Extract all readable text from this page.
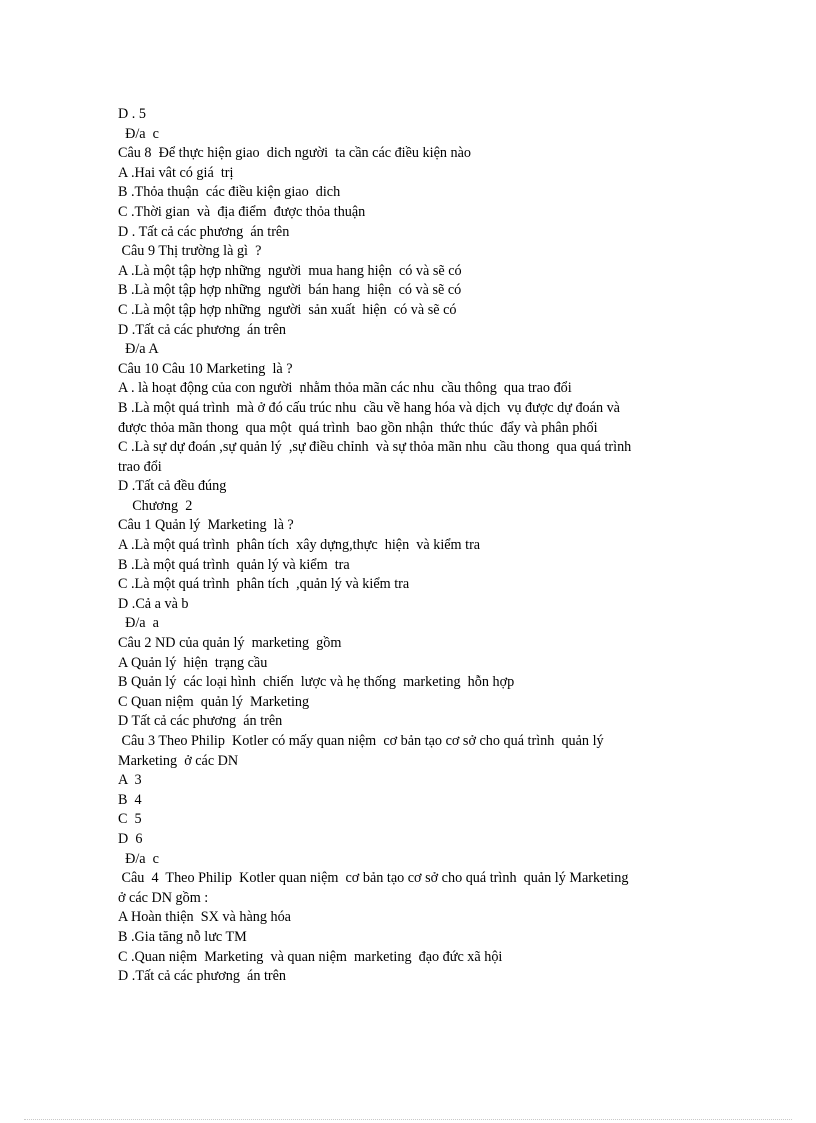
D . 5
Đ/a  c
Câu 8  Để thực hiện giao  dich người  ta cần các điều kiện nào
A .Hai vât có giá  trị
B .Thỏa thuận  các điều kiện giao  dich
C .Thời gian  và  địa điểm  được thỏa thuận
D . Tất cả các phương  án trên
Câu 9 Thị trường là gì  ?
A .Là một tập hợp những  người  mua hang hiện  có và sẽ có
B .Là một tập hợp những  người  bán hang  hiện  có và sẽ có
C .Là một tập hợp những  người  sản xuất  hiện  có và sẽ có
D .Tất cả các phương  án trên
Đ/a A
Câu 10 Câu 10 Marketing  là ?
A . là hoạt động của con người  nhằm thỏa mãn các nhu  cầu thông  qua trao đổi
B .Là một quá trình  mà ở đó cấu trúc nhu  cầu về hang hóa và dịch  vụ được dự đoán và
được thỏa mãn thong  qua một  quá trình  bao gồn nhận  thức thúc  đẩy và phân phối
C .Là sự dự đoán ,sự quản lý  ,sự điều chỉnh  và sự thỏa mãn nhu  cầu thong  qua quá trình
trao đổi
D .Tất cả đều đúng
Chương  2
Câu 1 Quản lý  Marketing  là ?
A .Là một quá trình  phân tích  xây dựng,thực  hiện  và kiểm tra
B .Là một quá trình  quản lý và kiểm  tra
C .Là một quá trình  phân tích  ,quản lý và kiểm tra
D .Cả a và b
Đ/a  a
Câu 2 ND của quản lý  marketing  gồm
A Quản lý  hiện  trạng cầu
B Quản lý  các loại hình  chiến  lược và hẹ thống  marketing  hỗn hợp
C Quan niệm  quản lý  Marketing
D Tất cả các phương  án trên
Câu 3 Theo Philip  Kotler có mấy quan niệm  cơ bản tạo cơ sở cho quá trình  quản lý
Marketing  ở các DN
A  3
B  4
C  5
D  6
Đ/a  c
Câu  4  Theo Philip  Kotler quan niệm  cơ bản tạo cơ sở cho quá trình  quản lý Marketing
ở các DN gồm :
A Hoàn thiện  SX và hàng hóa
B .Gia tăng nỗ lưc TM
C .Quan niệm  Marketing  và quan niệm  marketing  đạo đức xã hội
D .Tất cả các phương  án trên
